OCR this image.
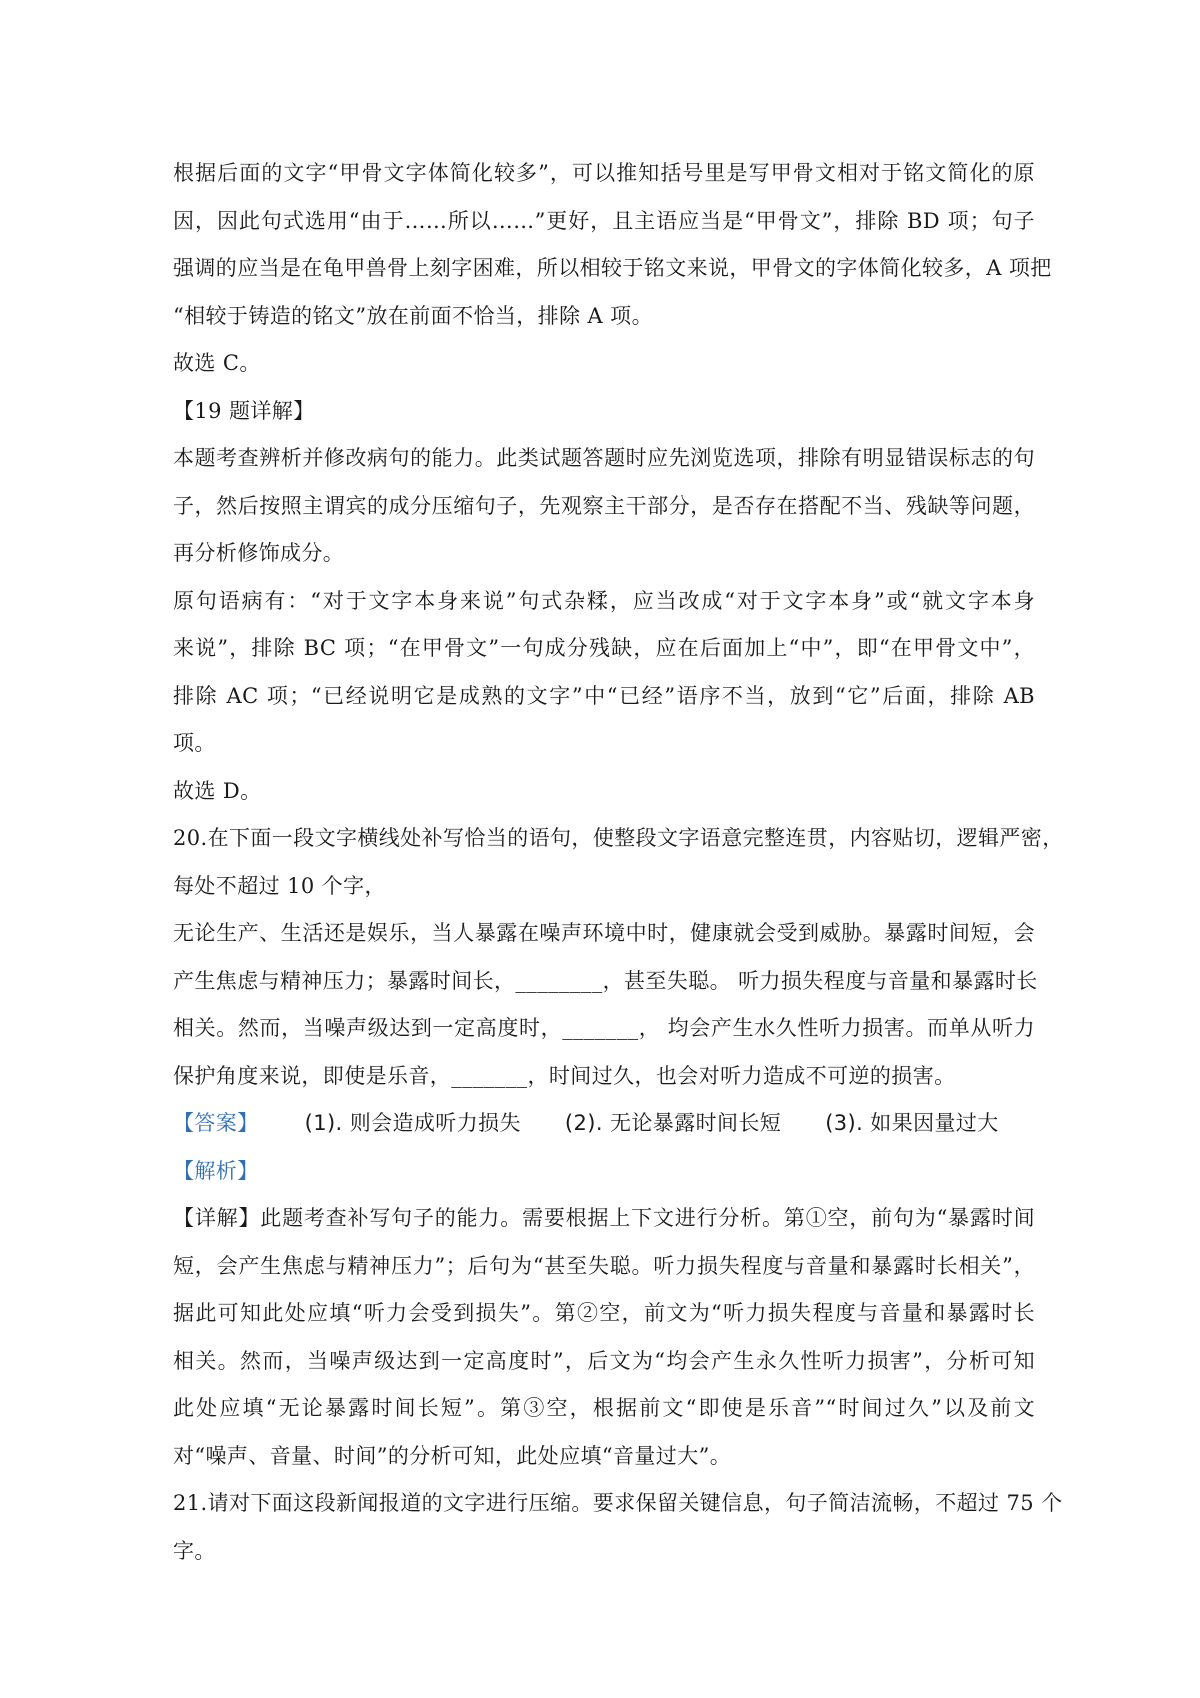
根据后面的文字“甲骨文字体简化较多”，可以推知括号里是写甲骨文相对于铭文简化的原
因，因此句式选用“由于……所以……”更好，且主语应当是“甲骨文”，排除 BD 项；句子
强调的应当是在龟甲兽骨上刻字困难，所以相较于铭文来说，甲骨文的字体简化较多，A 项把
“相较于铸造的铭文”放在前面不恰当，排除 A 项。
故选 C。
【19 题详解】
本题考查辨析并修改病句的能力。此类试题答题时应先浏览选项，排除有明显错误标志的句
子，然后按照主谓宾的成分压缩句子，先观察主干部分，是否存在搭配不当、残缺等问题，
再分析修饰成分。
原句语病有：“对于文字本身来说”句式杂糅，应当改成“对于文字本身”或“就文字本身
来说”，排除 BC 项；“在甲骨文”一句成分残缺，应在后面加上“中”，即“在甲骨文中”，
排除 AC 项；“已经说明它是成熟的文字”中“已经”语序不当，放到“它”后面，排除 AB
项。
故选 D。
20.在下面一段文字横线处补写恰当的语句，使整段文字语意完整连贯，内容贴切，逻辑严密，
每处不超过 10 个字，
无论生产、生活还是娱乐，当人暴露在噪声环境中时，健康就会受到威胁。暴露时间短，会
产生焦虑与精神压力；暴露时间长，________，甚至失聪。 听力损失程度与音量和暴露时长
相关。然而，当噪声级达到一定高度时，_______， 均会产生水久性听力损害。而单从听力
保护角度来说，即使是乐音，_______，时间过久，也会对听力造成不可逆的损害。
【答案】 (1). 则会造成听力损失 (2). 无论暴露时间长短 (3). 如果因量过大
【解析】
【详解】此题考查补写句子的能力。需要根据上下文进行分析。第①空，前句为“暴露时间
短，会产生焦虑与精神压力”；后句为“甚至失聪。听力损失程度与音量和暴露时长相关”，
据此可知此处应填“听力会受到损失”。第②空，前文为“听力损失程度与音量和暴露时长
相关。然而，当噪声级达到一定高度时”，后文为“均会产生永久性听力损害”，分析可知
此处应填“无论暴露时间长短”。第③空，根据前文“即使是乐音”“时间过久”以及前文
对“噪声、音量、时间”的分析可知，此处应填“音量过大”。
21.请对下面这段新闻报道的文字进行压缩。要求保留关键信息，句子简洁流畅，不超过 75 个
字。
